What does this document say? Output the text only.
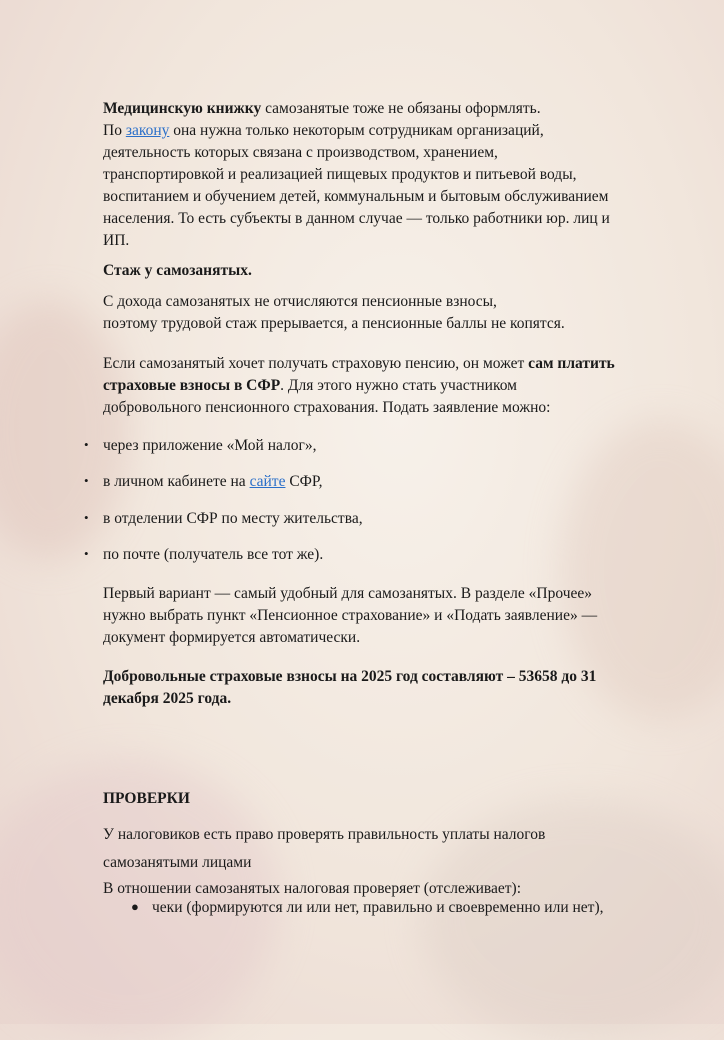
Медицинскую книжку самозанятые тоже не обязаны оформлять.
По закону она нужна только некоторым сотрудникам организаций,
деятельность которых связана с производством, хранением,
транспортировкой и реализацией пищевых продуктов и питьевой воды,
воспитанием и обучением детей, коммунальным и бытовым обслуживанием
населения. То есть субъекты в данном случае — только работники юр. лиц и
ИП.
Стаж у самозанятых.
С дохода самозанятых не отчисляются пенсионные взносы,
поэтому трудовой стаж прерывается, а пенсионные баллы не копятся.
Если самозанятый хочет получать страховую пенсию, он может сам платить
страховые взносы в СФР. Для этого нужно стать участником
добровольного пенсионного страхования. Подать заявление можно:
• через приложение «Мой налог»,
• в личном кабинете на сайте СФР,
• в отделении СФР по месту жительства,
• по почте (получатель все тот же).
Первый вариант — самый удобный для самозанятых. В разделе «Прочее»
нужно выбрать пункт «Пенсионное страхование» и «Подать заявление» —
документ формируется автоматически.
Добровольные страховые взносы на 2025 год составляют – 53658 до 31
декабря 2025 года.
ПРОВЕРКИ
У налоговиков есть право проверять правильность уплаты налогов
самозанятыми лицами
В отношении самозанятых налоговая проверяет (отслеживает):
● чеки (формируются ли или нет, правильно и своевременно или нет),
